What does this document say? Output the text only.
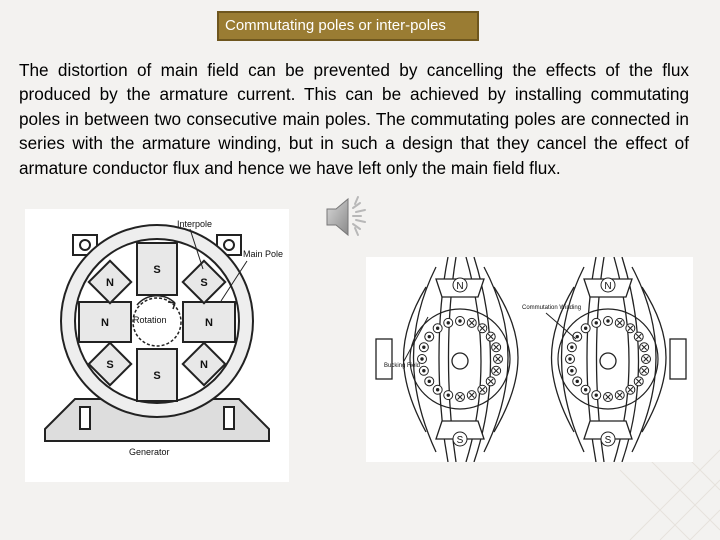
Commutating poles or inter-poles

The distortion of main field can be prevented by cancelling the effects of the flux produced by the armature current. This can be achieved by installing commutating poles in between two consecutive main poles. The commutating poles are connected in series with the armature winding, but in such a design that they cancel the effect of armature conductor flux and hence we have left only the main field flux.

S
S
N	N
N	S
S	N
Interpole
Main Pole
Rotation
Generator
N
S
N
S
Commutation Winding
Bucking Field
